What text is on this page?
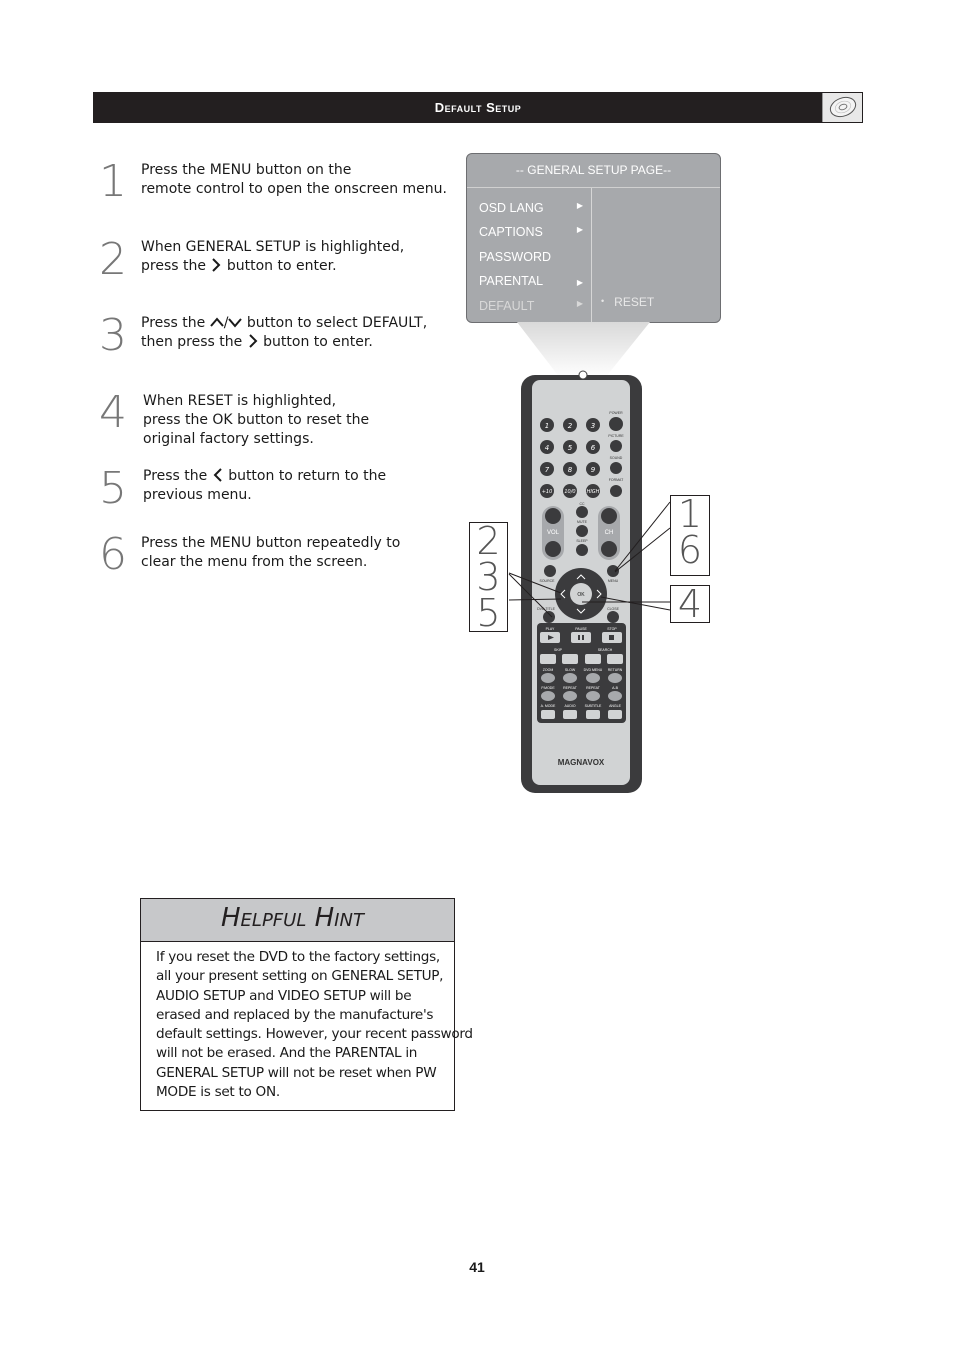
Default Setup
1 Press the MENU button on the
remote control to open the onscreen menu.
2 When GENERAL SETUP is highlighted,
press the button to enter.
3 Press the / button to select DEFAULT,
then press the button to enter.
4 When RESET is highlighted,
press the OK button to reset the
original factory settings.
5 Press the button to return to the
previous menu.
6 Press the MENU button repeatedly to
clear the menu from the screen.
-- GENERAL SETUP PAGE--
OSD LANG	▶
CAPTIONS	▶
PASSWORD
PARENTAL	▶
DEFAULT	▶ • RESET
1	2	3
4	5	6
7	8	9
+10 10/0 HIGH
POWER
PICTURE
SOUND
FORMAT
CC
MUTE
SLEEP
VOL	CH
SOURCE	MENU
OK
DVD TITLE	CLOSE
PLAY	PAUSE	STOP
SKIP	SEARCH
ZOOM	SLOW DVD MENU RETURN
P.MODE REPEAT	REPEAT	A-B
A. MODE	AUDIO	SUBTITLE ANGLE
MAGNAVOX
2
3
5
1
6
4
Helpful Hint
If you reset the DVD to the factory settings,
all your present setting on GENERAL SETUP,
AUDIO SETUP and VIDEO SETUP will be
erased and replaced by the manufacture's
default settings. However, your recent password
will not be erased. And the PARENTAL in
GENERAL SETUP will not be reset when PW
MODE is set to ON.
41
